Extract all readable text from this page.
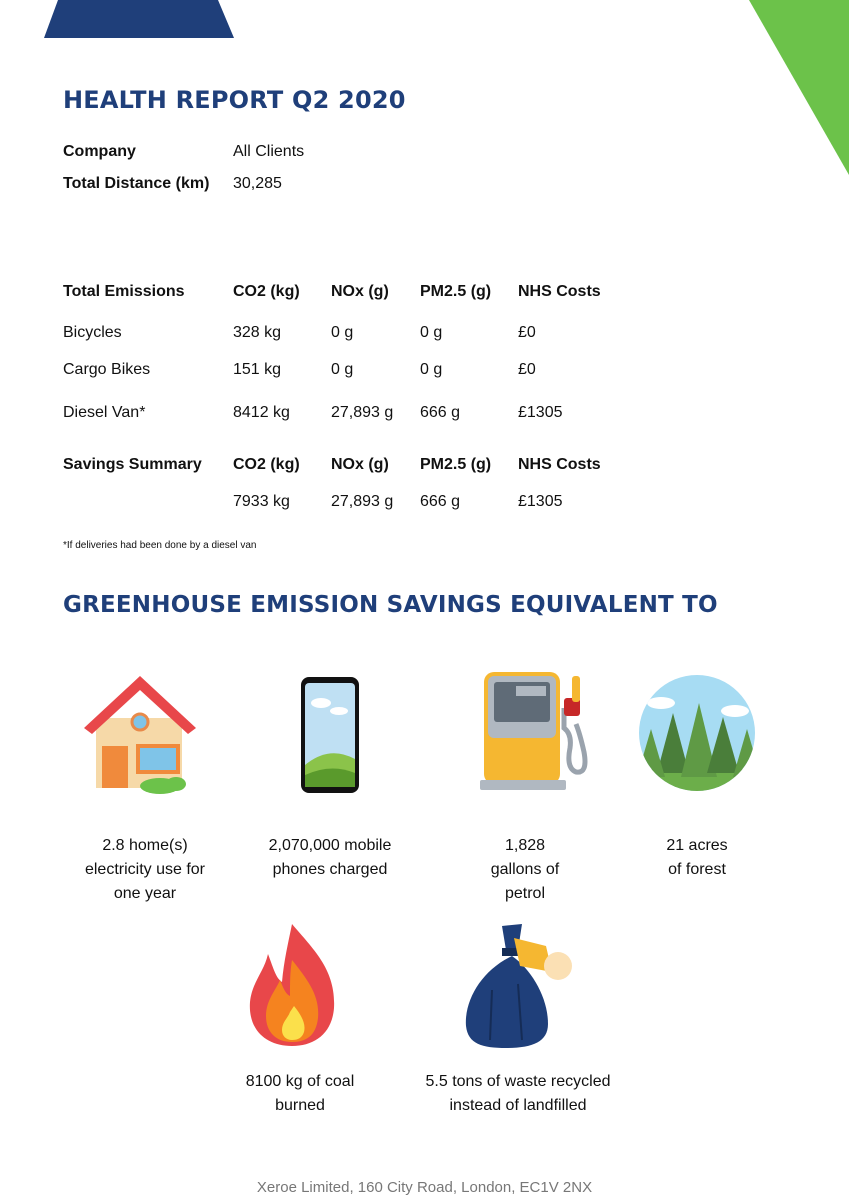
HEALTH REPORT Q2 2020
Company	All Clients
Total Distance (km) 30,285
Total Emissions	CO2 (kg) NOx (g) PM2.5 (g) NHS Costs
Bicycles	328 kg	0 g	0 g	£0
Cargo Bikes	151 kg	0 g	0 g	£0
Diesel Van*	8412 kg	27,893 g 666 g	£1305
Savings Summary CO2 (kg) NOx (g) PM2.5 (g) NHS Costs
7933 kg	27,893 g 666 g	£1305
*If deliveries had been done by a diesel van
GREENHOUSE EMISSION SAVINGS EQUIVALENT TO
2.8 home(s)
electricity use for
one year
2,070,000 mobile
phones charged
1,828
gallons of
petrol
21 acres
of forest
8100 kg of coal
burned
5.5 tons of waste recycled
instead of landfilled
Xeroe Limited, 160 City Road, London, EC1V 2NX
